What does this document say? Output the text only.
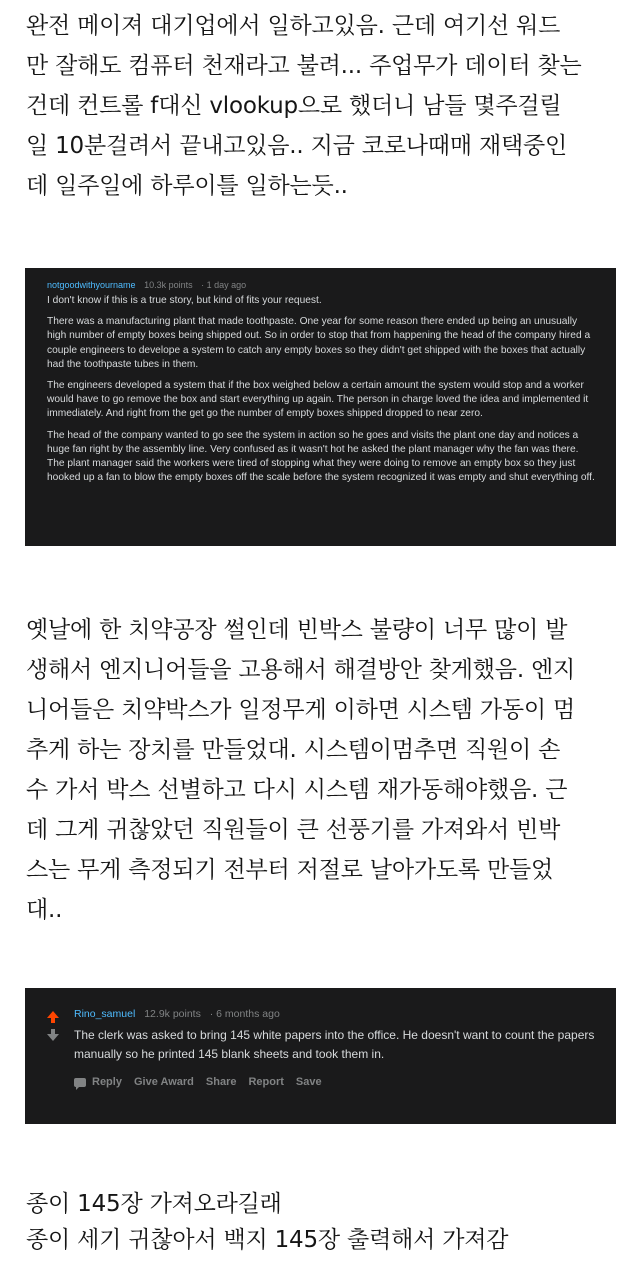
완전 메이져 대기업에서 일하고있음. 근데 여기선 워드
만 잘해도 컴퓨터 천재라고 불려... 주업무가 데이터 찾는
건데 컨트롤 f대신 vlookup으로 했더니 남들 몇주걸릴
일 10분걸려서 끝내고있음.. 지금 코로나때매 재택중인
데 일주일에 하루이틀 일하는듯..
notgoodwithyourname 10.3k points · 1 day ago

I don't know if this is a true story, but kind of fits your request.

There was a manufacturing plant that made toothpaste. One year for some reason there ended up being an unusually high number of empty boxes being shipped out. So in order to stop that from happening the head of the company hired a couple engineers to develope a system to catch any empty boxes so they didn't get shipped with the boxes that actually had the toothpaste tubes in them.

The engineers developed a system that if the box weighed below a certain amount the system would stop and a worker would have to go remove the box and start everything up again. The person in charge loved the idea and implemented it immediately. And right from the get go the number of empty boxes shipped dropped to near zero.

The head of the company wanted to go see the system in action so he goes and visits the plant one day and notices a huge fan right by the assembly line. Very confused as it wasn't hot he asked the plant manager why the fan was there. The plant manager said the workers were tired of stopping what they were doing to remove an empty box so they just hooked up a fan to blow the empty boxes off the scale before the system recognized it was empty and shut everything off.

옛날에 한 치약공장 썰인데 빈박스 불량이 너무 많이 발
생해서 엔지니어들을 고용해서 해결방안 찾게했음. 엔지
니어들은 치약박스가 일정무게 이하면 시스템 가동이 멈
추게 하는 장치를 만들었대. 시스템이멈추면 직원이 손
수 가서 박스 선별하고 다시 시스템 재가동해야했음. 근
데 그게 귀찮았던 직원들이 큰 선풍기를 가져와서 빈박
스는 무게 측정되기 전부터 저절로 날아가도록 만들었
대..
Rino_samuel 12.9k points · 6 months ago

The clerk was asked to bring 145 white papers into the office. He doesn't want to count the papers manually so he printed 145 blank sheets and took them in.

Reply Give Award Share Report Save
종이 145장 가져오라길래
종이 세기 귀찮아서 백지 145장 출력해서 가져감
